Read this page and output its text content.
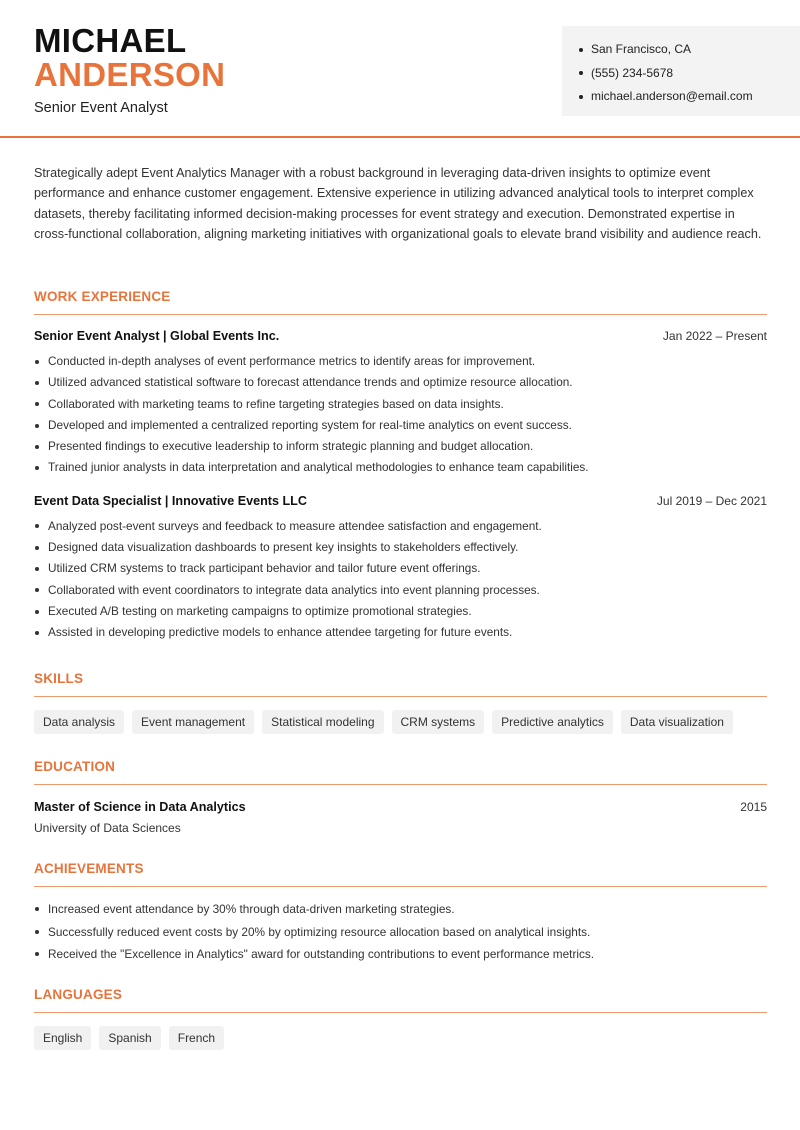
MICHAEL
ANDERSON
Senior Event Analyst
San Francisco, CA
(555) 234-5678
michael.anderson@email.com
Strategically adept Event Analytics Manager with a robust background in leveraging data-driven insights to optimize event performance and enhance customer engagement. Extensive experience in utilizing advanced analytical tools to interpret complex datasets, thereby facilitating informed decision-making processes for event strategy and execution. Demonstrated expertise in cross-functional collaboration, aligning marketing initiatives with organizational goals to elevate brand visibility and audience reach.
WORK EXPERIENCE
Senior Event Analyst | Global Events Inc.	Jan 2022 – Present
Conducted in-depth analyses of event performance metrics to identify areas for improvement.
Utilized advanced statistical software to forecast attendance trends and optimize resource allocation.
Collaborated with marketing teams to refine targeting strategies based on data insights.
Developed and implemented a centralized reporting system for real-time analytics on event success.
Presented findings to executive leadership to inform strategic planning and budget allocation.
Trained junior analysts in data interpretation and analytical methodologies to enhance team capabilities.
Event Data Specialist | Innovative Events LLC	Jul 2019 – Dec 2021
Analyzed post-event surveys and feedback to measure attendee satisfaction and engagement.
Designed data visualization dashboards to present key insights to stakeholders effectively.
Utilized CRM systems to track participant behavior and tailor future event offerings.
Collaborated with event coordinators to integrate data analytics into event planning processes.
Executed A/B testing on marketing campaigns to optimize promotional strategies.
Assisted in developing predictive models to enhance attendee targeting for future events.
SKILLS
Data analysis	Event management	Statistical modeling	CRM systems	Predictive analytics	Data visualization
EDUCATION
Master of Science in Data Analytics	2015
University of Data Sciences
ACHIEVEMENTS
Increased event attendance by 30% through data-driven marketing strategies.
Successfully reduced event costs by 20% by optimizing resource allocation based on analytical insights.
Received the "Excellence in Analytics" award for outstanding contributions to event performance metrics.
LANGUAGES
English	Spanish	French
